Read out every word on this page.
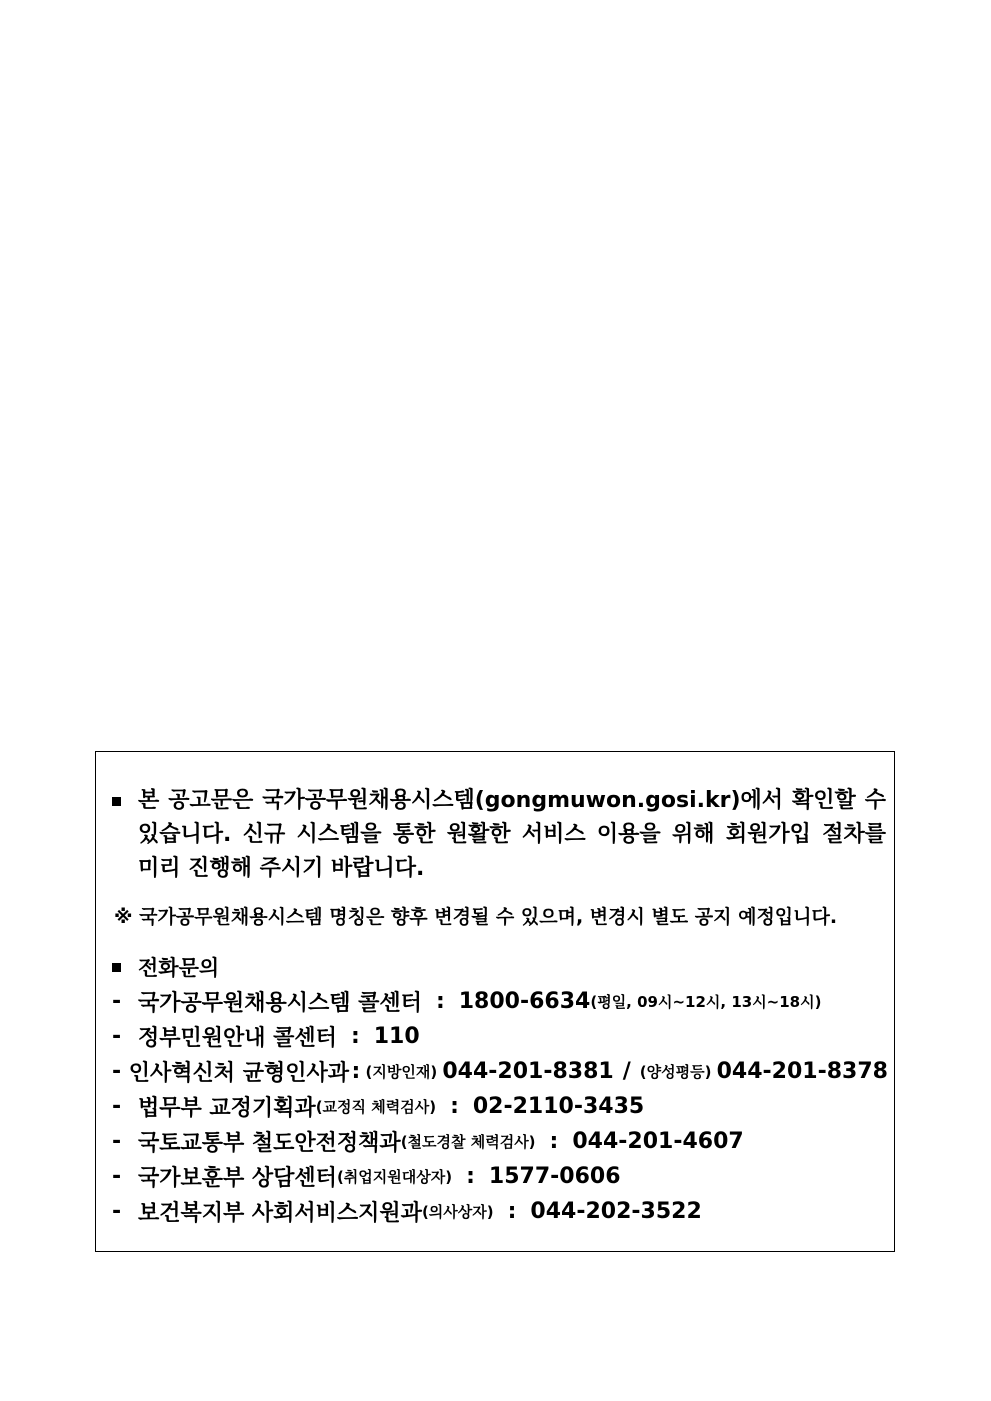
본 공고문은 국가공무원채용시스템(gongmuwon.gosi.kr)에서 확인할 수
있습니다. 신규 시스템을 통한 원활한 서비스 이용을 위해 회원가입 절차를
미리 진행해 주시기 바랍니다.
※ 국가공무원채용시스템 명칭은 향후 변경될 수 있으며, 변경시 별도 공지 예정입니다.
전화문의
- 국가공무원채용시스템 콜센터 : 1800-6634 (평일, 09시~12시, 13시~18시)
- 정부민원안내 콜센터 : 110
- 인사혁신처 균형인사과 : (지방인재) 044-201-8381 / (양성평등) 044-201-8378
- 법무부 교정기획과 (교정직 체력검사) : 02-2110-3435
- 국토교통부 철도안전정책과 (철도경찰 체력검사) : 044-201-4607
- 국가보훈부 상담센터 (취업지원대상자) : 1577-0606
- 보건복지부 사회서비스지원과 (의사상자) : 044-202-3522
